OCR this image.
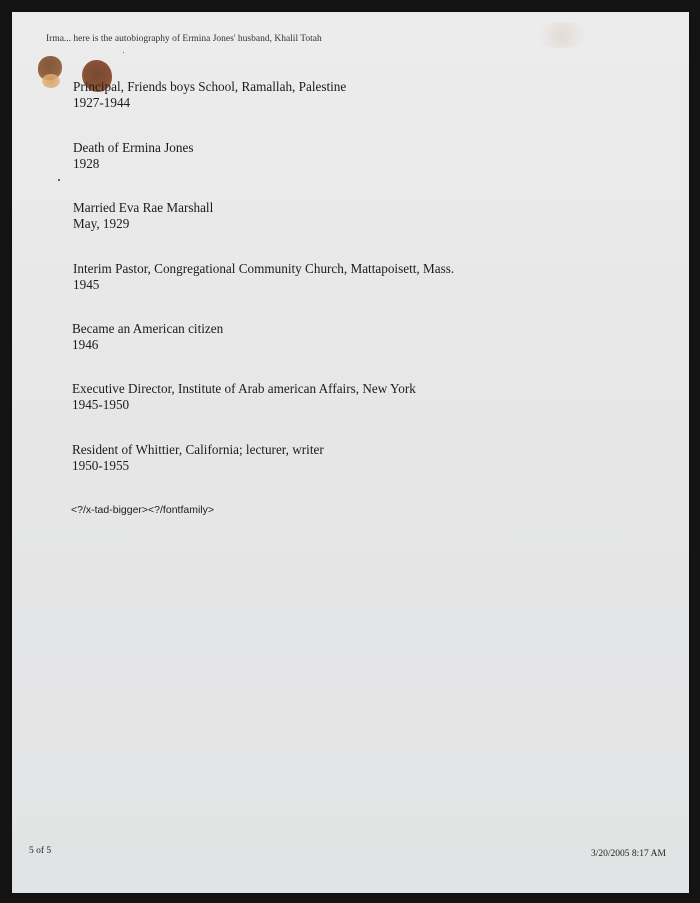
Irma... here is the autobiography of Ermina Jones' husband, Khalil Totah
Principal, Friends boys School, Ramallah, Palestine
1927-1944
Death of Ermina Jones
1928
Married Eva Rae Marshall
May, 1929
Interim Pastor, Congregational Community Church, Mattapoisett, Mass.
1945
Became an American citizen
1946
Executive Director, Institute of Arab american Affairs, New York
1945-1950
Resident of Whittier, California; lecturer, writer
1950-1955
<?/x-tad-bigger><?/fontfamily>
5 of 5	3/20/2005 8:17 AM
